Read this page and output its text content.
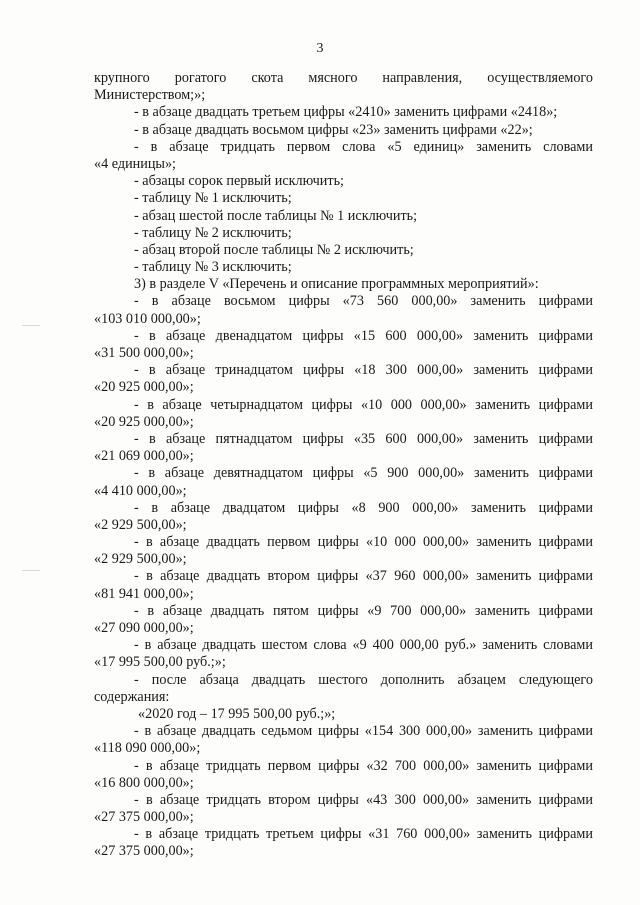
3
крупного рогатого скота мясного направления, осуществляемого
Министерством;»;
- в абзаце двадцать третьем цифры «2410» заменить цифрами «2418»;
- в абзаце двадцать восьмом цифры «23» заменить цифрами «22»;
- в абзаце тридцать первом слова «5 единиц» заменить словами
«4 единицы»;
- абзацы сорок первый исключить;
- таблицу № 1 исключить;
- абзац шестой после таблицы № 1 исключить;
- таблицу № 2 исключить;
- абзац второй после таблицы № 2 исключить;
- таблицу № 3 исключить;
3) в разделе V «Перечень и описание программных мероприятий»:
- в абзаце восьмом цифры «73 560 000,00» заменить цифрами
«103 010 000,00»;
- в абзаце двенадцатом цифры «15 600 000,00» заменить цифрами
«31 500 000,00»;
- в абзаце тринадцатом цифры «18 300 000,00» заменить цифрами
«20 925 000,00»;
- в абзаце четырнадцатом цифры «10 000 000,00» заменить цифрами
«20 925 000,00»;
- в абзаце пятнадцатом цифры «35 600 000,00» заменить цифрами
«21 069 000,00»;
- в абзаце девятнадцатом цифры «5 900 000,00» заменить цифрами
«4 410 000,00»;
- в абзаце двадцатом цифры «8 900 000,00» заменить цифрами
«2 929 500,00»;
- в абзаце двадцать первом цифры «10 000 000,00» заменить цифрами
«2 929 500,00»;
- в абзаце двадцать втором цифры «37 960 000,00» заменить цифрами
«81 941 000,00»;
- в абзаце двадцать пятом цифры «9 700 000,00» заменить цифрами
«27 090 000,00»;
- в абзаце двадцать шестом слова «9 400 000,00 руб.» заменить словами
«17 995 500,00 руб.;»;
- после абзаца двадцать шестого дополнить абзацем следующего
содержания:
«2020 год – 17 995 500,00 руб.;»;
- в абзаце двадцать седьмом цифры «154 300 000,00» заменить цифрами
«118 090 000,00»;
- в абзаце тридцать первом цифры «32 700 000,00» заменить цифрами
«16 800 000,00»;
- в абзаце тридцать втором цифры «43 300 000,00» заменить цифрами
«27 375 000,00»;
- в абзаце тридцать третьем цифры «31 760 000,00» заменить цифрами
«27 375 000,00»;
